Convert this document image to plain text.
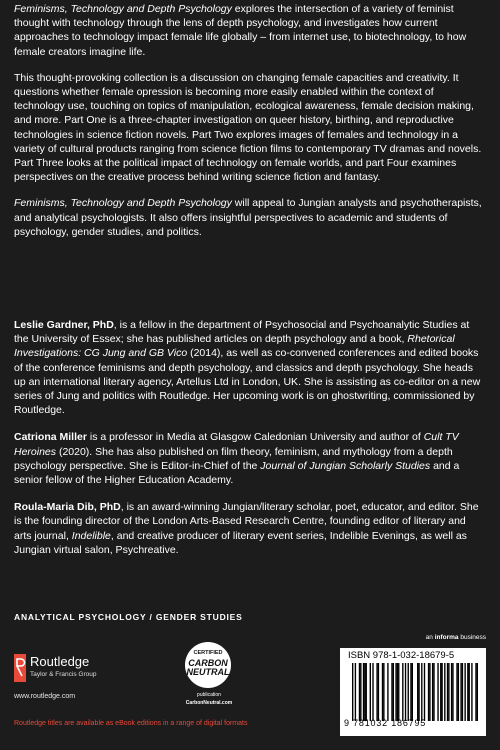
Feminisms, Technology and Depth Psychology explores the intersection of a variety of feminist thought with technology through the lens of depth psychology, and investigates how current approaches to technology impact female life globally – from internet use, to biotechnology, to how female creators imagine life.

This thought-provoking collection is a discussion on changing female capacities and creativity. It questions whether female opression is becoming more easily enabled within the context of technology use, touching on topics of manipulation, ecological awareness, female decision making, and more. Part One is a three-chapter investigation on queer history, birthing, and reproductive technologies in science fiction novels. Part Two explores images of females and technology in a variety of cultural products ranging from science fiction films to contemporary TV dramas and novels. Part Three looks at the political impact of technology on female worlds, and part Four examines perspectives on the creative process behind writing science fiction and fantasy.

Feminisms, Technology and Depth Psychology will appeal to Jungian analysts and psychotherapists, and analytical psychologists. It also offers insightful perspectives to academic and students of psychology, gender studies, and politics.

Leslie Gardner, PhD, is a fellow in the department of Psychosocial and Psychoanalytic Studies at the University of Essex; she has published articles on depth psychology and a book, Rhetorical Investigations: CG Jung and GB Vico (2014), as well as co-convened conferences and edited books of the conference feminisms and depth psychology, and classics and depth psychology. She heads up an international literary agency, Artellus Ltd in London, UK. She is assisting as co-editor on a new series of Jung and politics with Routledge. Her upcoming work is on ghostwriting, commissioned by Routledge.

Catriona Miller is a professor in Media at Glasgow Caledonian University and author of Cult TV Heroines (2020). She has also published on film theory, feminism, and mythology from a depth psychology perspective. She is Editor-in-Chief of the Journal of Jungian Scholarly Studies and a senior fellow of the Higher Education Academy.

Roula-Maria Dib, PhD, is an award-winning Jungian/literary scholar, poet, educator, and editor. She is the founding director of the London Arts-Based Research Centre, founding editor of literary and arts journal, Indelible, and creative producer of literary event series, Indelible Evenings, as well as Jungian virtual salon, Psychreative.

ANALYTICAL PSYCHOLOGY / GENDER STUDIES
an informa business
Routledge
Taylor & Francis Group
www.routledge.com
Routledge titles are available as eBook editions in a range of digital formats
CERTIFIED
CARBON
NEUTRAL
publication
CarbonNeutral.com
ISBN 978-1-032-18679-5
9 781032 186795
